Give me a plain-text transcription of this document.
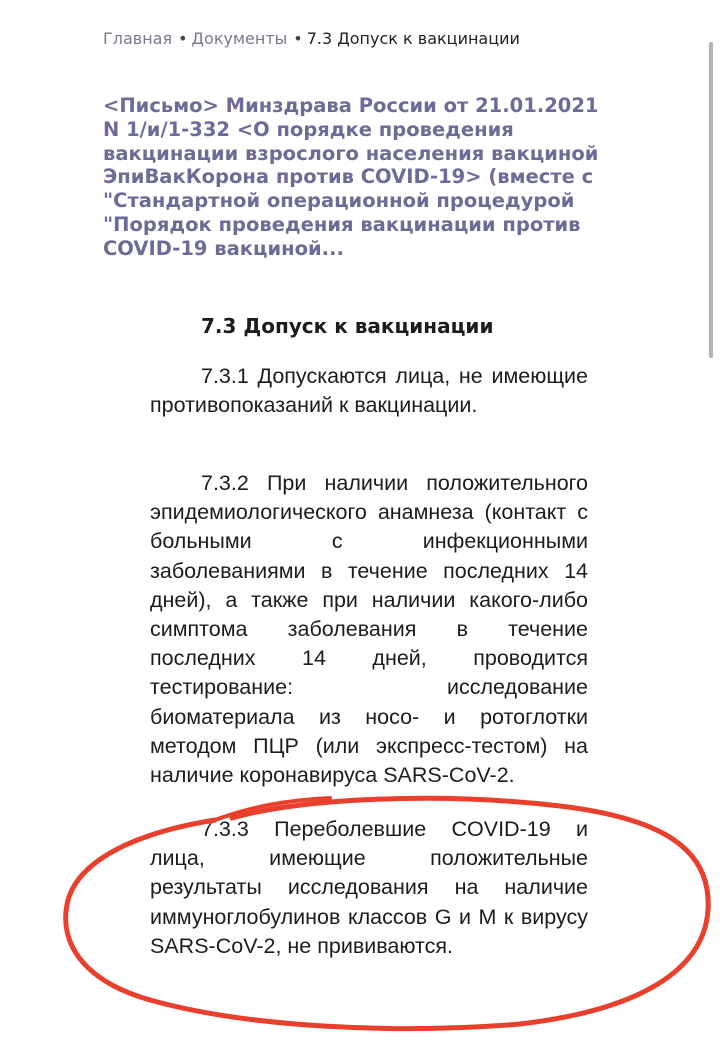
Главная • Документы • 7.3 Допуск к вакцинации
<Письмо> Минздрава России от 21.01.2021 N 1/и/1-332 <О порядке проведения вакцинации взрослого населения вакциной ЭпиВакКорона против COVID-19> (вместе с "Стандартной операционной процедурой "Порядок проведения вакцинации против COVID-19 вакциной...
7.3 Допуск к вакцинации

7.3.1 Допускаются лица, не имеющие противопоказаний к вакцинации.

7.3.2 При наличии положительного эпидемиологического анамнеза (контакт с больными с инфекционными заболеваниями в течение последних 14 дней), а также при наличии какого-либо симптома заболевания в течение последних 14 дней, проводится тестирование: исследование биоматериала из носо- и ротоглотки методом ПЦР (или экспресс-тестом) на наличие коронавируса SARS-CoV-2.

7.3.3 Переболевшие COVID-19 и лица, имеющие положительные результаты исследования на наличие иммуноглобулинов классов G и M к вирусу SARS-CoV-2, не прививаются.
